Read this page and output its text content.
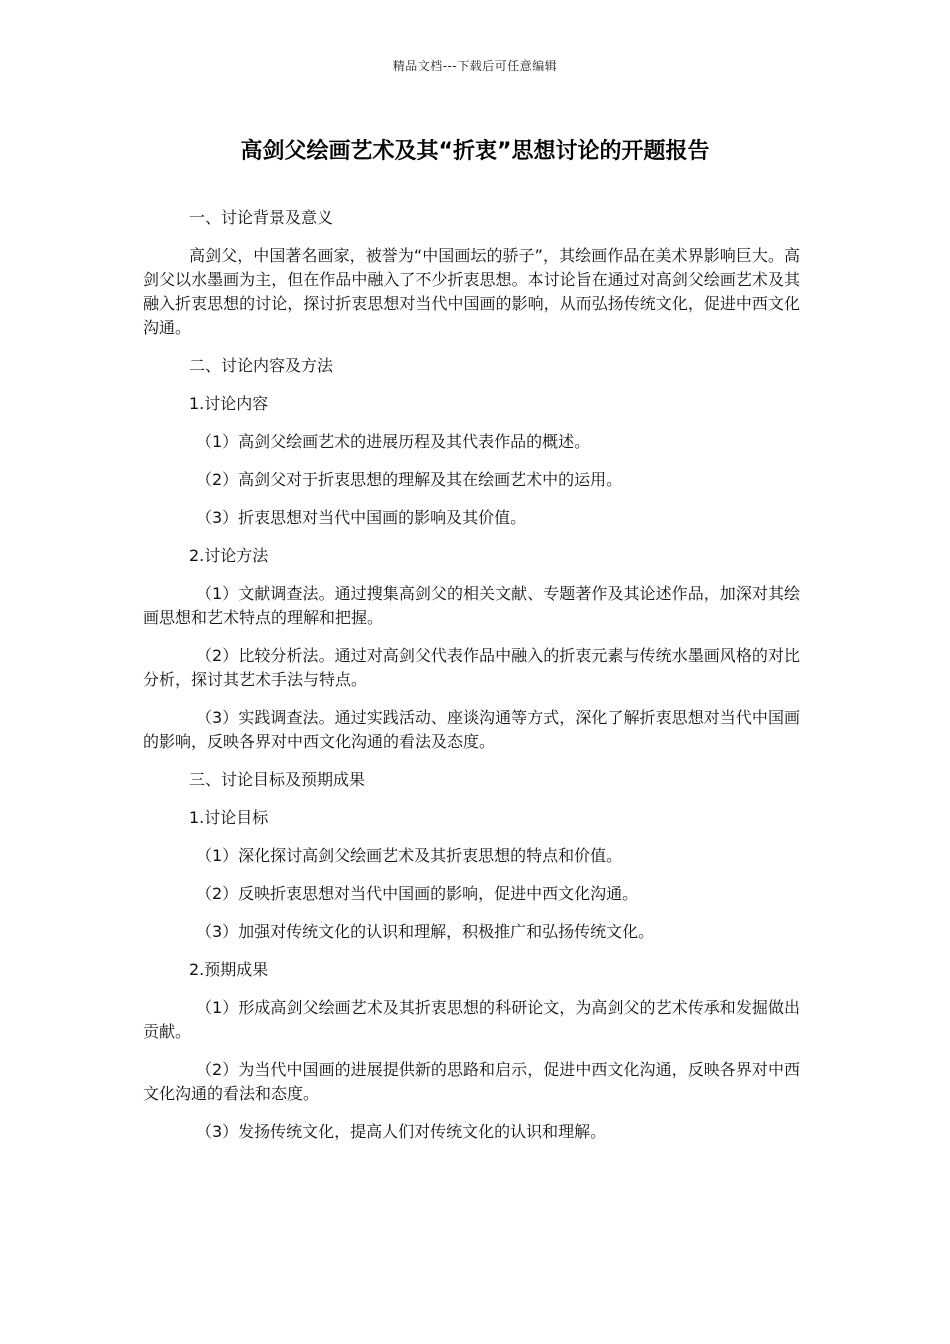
精品文档---下载后可任意编辑
高剑父绘画艺术及其“折衷”思想讨论的开题报告

一、讨论背景及意义

高剑父，中国著名画家，被誉为“中国画坛的骄子”，其绘画作品在美术界影响巨大。高剑父以水墨画为主，但在作品中融入了不少折衷思想。本讨论旨在通过对高剑父绘画艺术及其融入折衷思想的讨论，探讨折衷思想对当代中国画的影响，从而弘扬传统文化，促进中西文化沟通。

二、讨论内容及方法

1.讨论内容

（1）高剑父绘画艺术的进展历程及其代表作品的概述。

（2）高剑父对于折衷思想的理解及其在绘画艺术中的运用。

（3）折衷思想对当代中国画的影响及其价值。

2.讨论方法

（1）文献调查法。通过搜集高剑父的相关文献、专题著作及其论述作品，加深对其绘画思想和艺术特点的理解和把握。

（2）比较分析法。通过对高剑父代表作品中融入的折衷元素与传统水墨画风格的对比分析，探讨其艺术手法与特点。

（3）实践调查法。通过实践活动、座谈沟通等方式，深化了解折衷思想对当代中国画的影响，反映各界对中西文化沟通的看法及态度。

三、讨论目标及预期成果

1.讨论目标

（1）深化探讨高剑父绘画艺术及其折衷思想的特点和价值。

（2）反映折衷思想对当代中国画的影响，促进中西文化沟通。

（3）加强对传统文化的认识和理解，积极推广和弘扬传统文化。

2.预期成果

（1）形成高剑父绘画艺术及其折衷思想的科研论文，为高剑父的艺术传承和发掘做出贡献。

（2）为当代中国画的进展提供新的思路和启示，促进中西文化沟通，反映各界对中西文化沟通的看法和态度。

（3）发扬传统文化，提高人们对传统文化的认识和理解。
